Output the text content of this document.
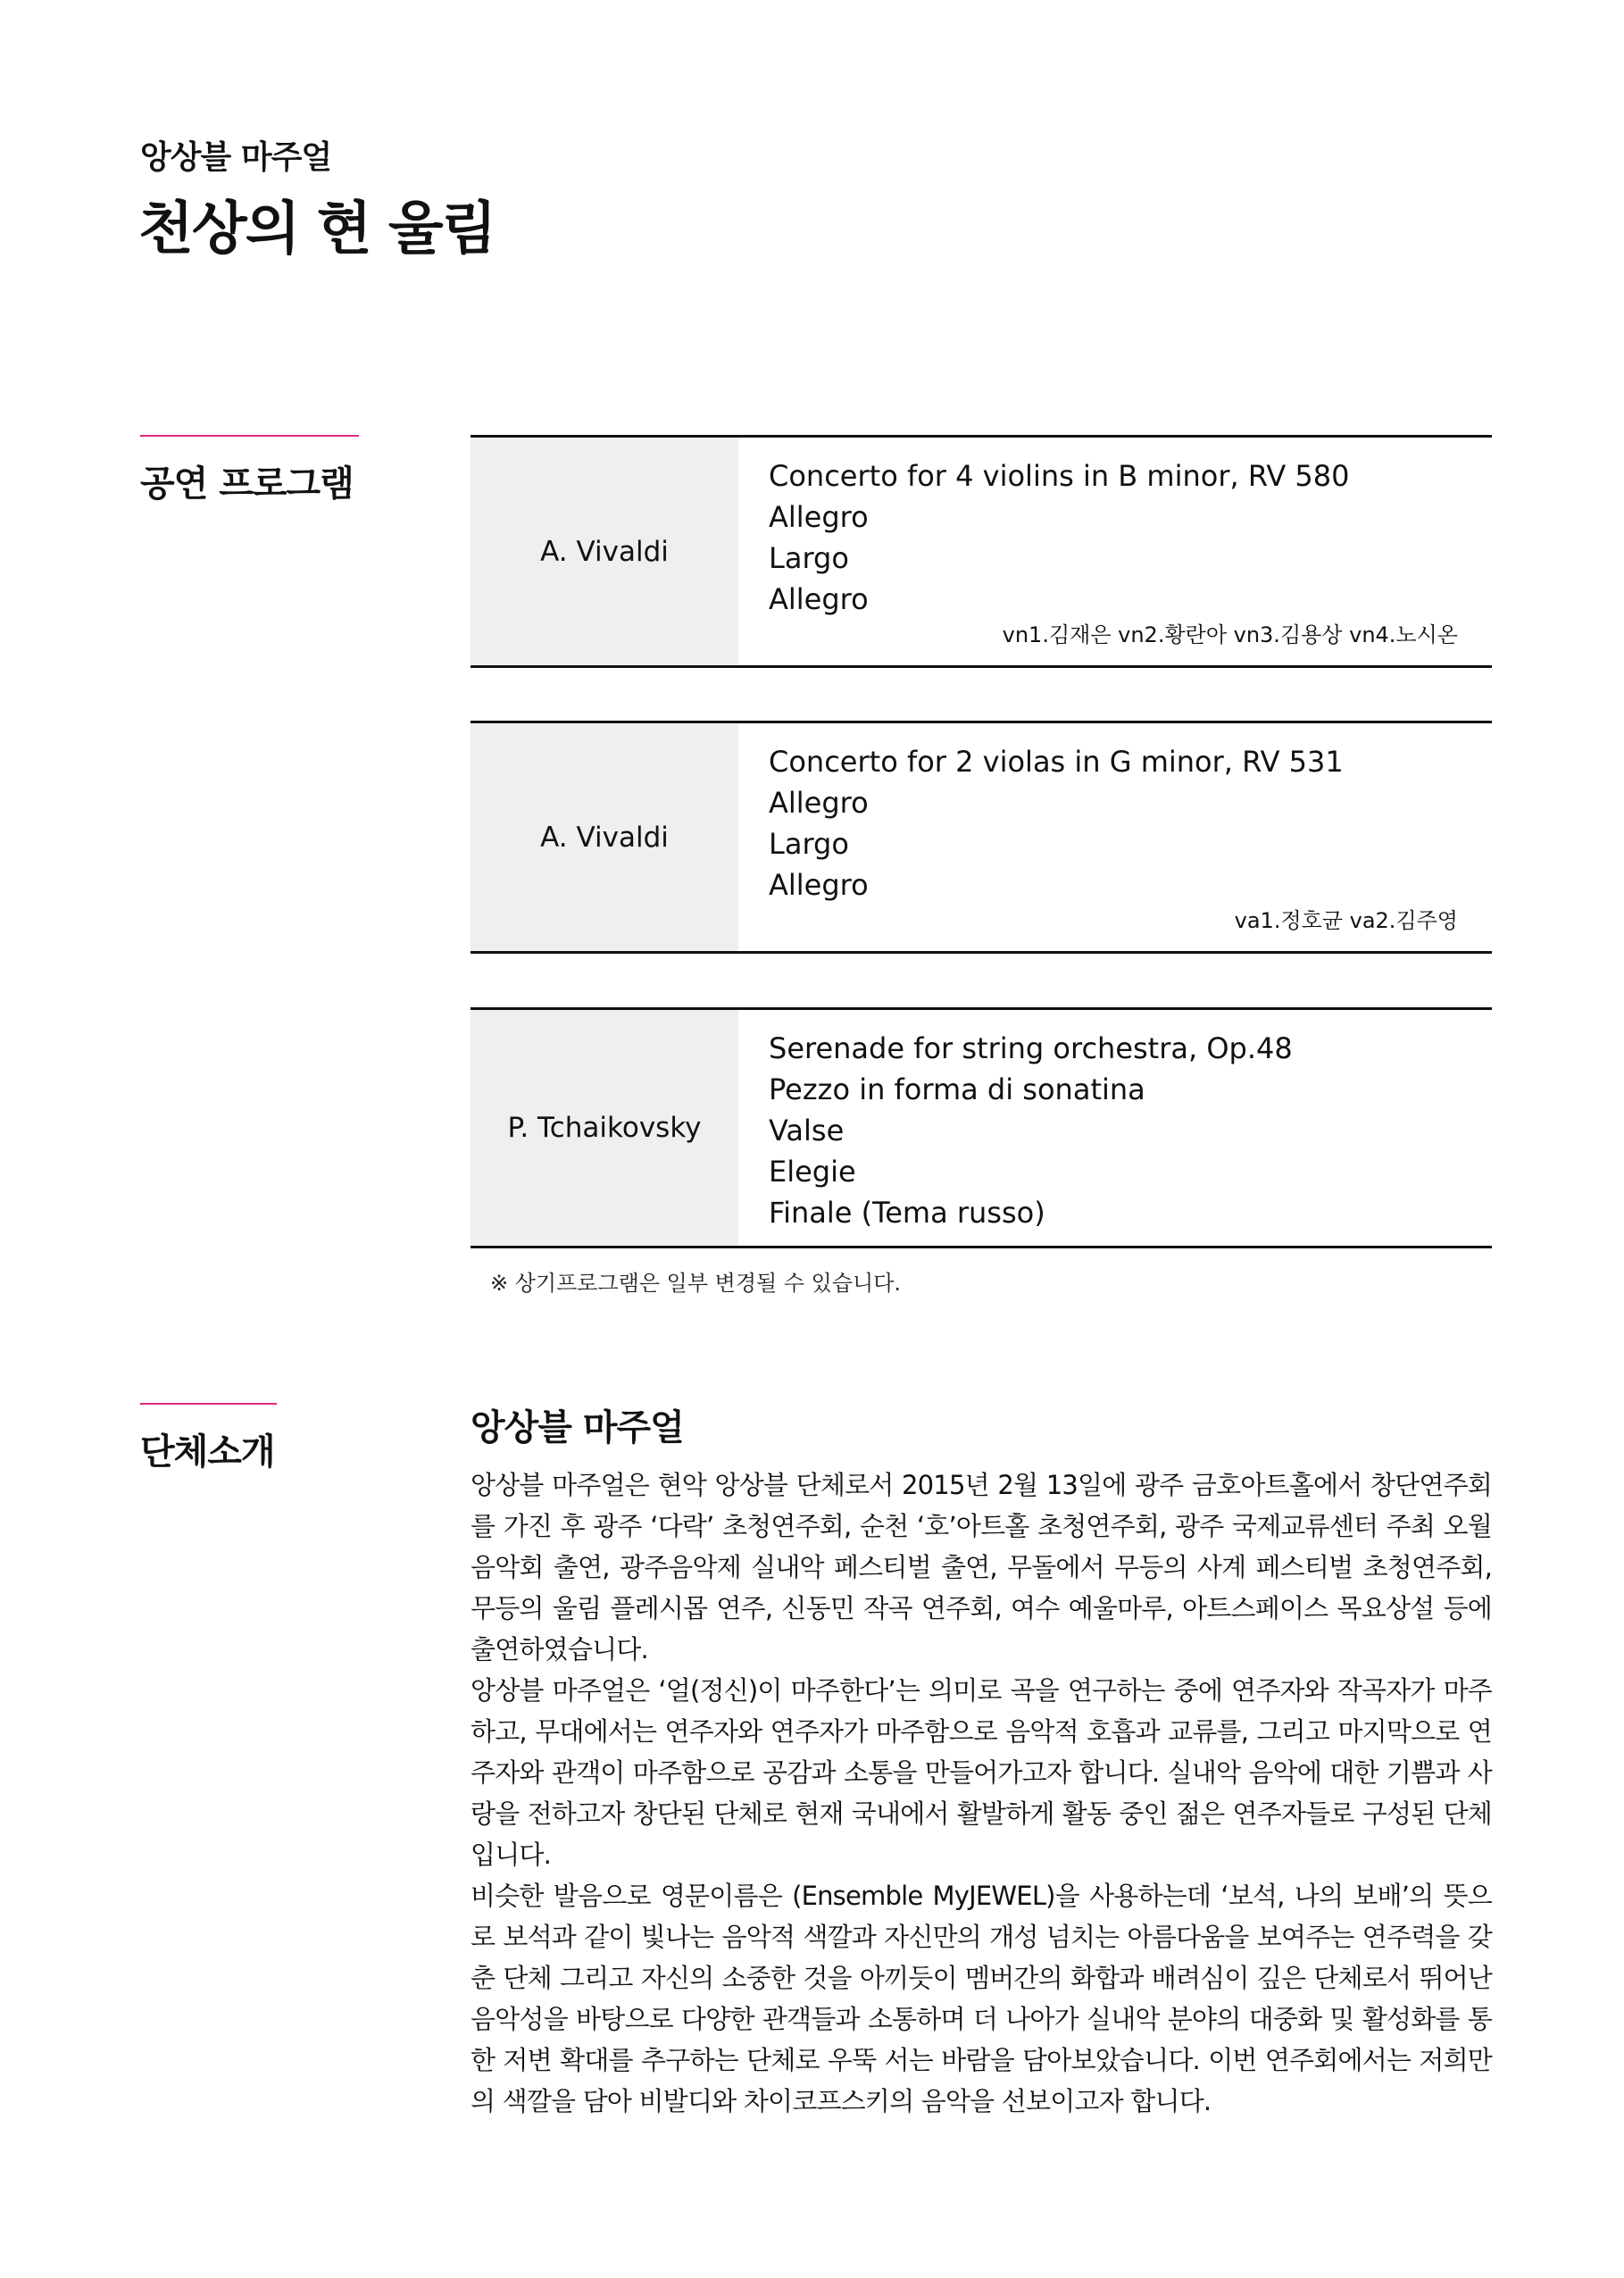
앙상블 마주얼
천상의 현 울림
공연 프로그램
A. Vivaldi
Concerto for 4 violins in B minor, RV 580
Allegro
Largo
Allegro
vn1.김재은 vn2.황란아 vn3.김용상 vn4.노시온
A. Vivaldi
Concerto for 2 violas in G minor, RV 531
Allegro
Largo
Allegro
va1.정호균 va2.김주영
P. Tchaikovsky
Serenade for string orchestra, Op.48
Pezzo in forma di sonatina
Valse
Elegie
Finale (Tema russo)
※ 상기프로그램은 일부 변경될 수 있습니다.
단체소개
앙상블 마주얼

앙상블 마주얼은 현악 앙상블 단체로서 2015년 2월 13일에 광주 금호아트홀에서 창단연주회를 가진 후 광주 ‘다락’ 초청연주회, 순천 ‘호’아트홀 초청연주회, 광주 국제교류센터 주최 오월 음악회 출연, 광주음악제 실내악 페스티벌 출연, 무돌에서 무등의 사계 페스티벌 초청연주회, 무등의 울림 플레시몹 연주, 신동민 작곡 연주회, 여수 예울마루, 아트스페이스 목요상설 등에 출연하였습니다.

앙상블 마주얼은 ‘얼(정신)이 마주한다’는 의미로 곡을 연구하는 중에 연주자와 작곡자가 마주하고, 무대에서는 연주자와 연주자가 마주함으로 음악적 호흡과 교류를, 그리고 마지막으로 연주자와 관객이 마주함으로 공감과 소통을 만들어가고자 합니다. 실내악 음악에 대한 기쁨과 사랑을 전하고자 창단된 단체로 현재 국내에서 활발하게 활동 중인 젊은 연주자들로 구성된 단체입니다.

비슷한 발음으로 영문이름은 (Ensemble MyJEWEL)을 사용하는데 ‘보석, 나의 보배’의 뜻으로 보석과 같이 빛나는 음악적 색깔과 자신만의 개성 넘치는 아름다움을 보여주는 연주력을 갖춘 단체 그리고 자신의 소중한 것을 아끼듯이 멤버간의 화합과 배려심이 깊은 단체로서 뛰어난 음악성을 바탕으로 다양한 관객들과 소통하며 더 나아가 실내악 분야의 대중화 및 활성화를 통한 저변 확대를 추구하는 단체로 우뚝 서는 바람을 담아보았습니다. 이번 연주회에서는 저희만의 색깔을 담아 비발디와 차이코프스키의 음악을 선보이고자 합니다.
